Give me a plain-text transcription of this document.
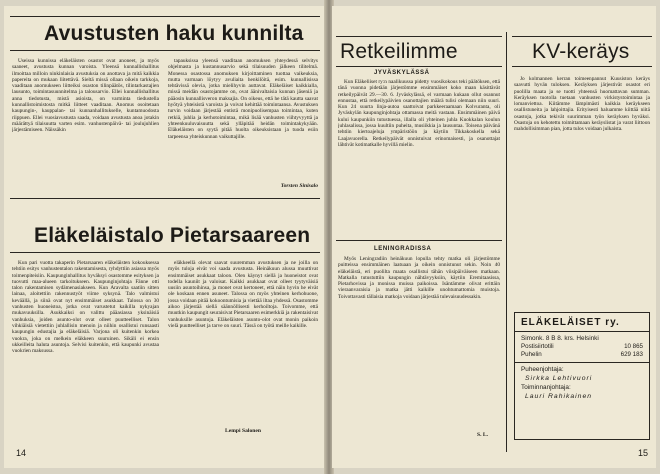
Avustusten haku kunnilta

Useissa kunnissa eläkeläisten osastot ovat anoneet, ja myös saaneet, avustusta kunnan varoista. Yleensä kunnallishallitus ilmoittaa milloin ninkinlaisia avustuksia on anottava ja mitä kaikkia papereita on mukaan liitettävä. Sieltä missä ollaan oikein tarkkoja, vaaditaan anomukseen liitteiksi osaston tilinpäätös, tilintarkastajien lausunto, toimintasuunnitelma ja talousarvio. Ellei kunnallishallitus anna tiedotusta, mistä asioista, on varminta tiedustella kunnallistoimistosta mitkä liitteet vaaditaan. Anomus osoitetaan kaupungin-, kauppalan- tai kunnanhallitukselle, kuntamuodosta riippuen. Ellei vuosiavustusta saada, voidaan avustusta anoa jotakin määrättyä tilaisuutta varten esim. vanhustenpäivä- tai joulujuhlien järjestämiseen. Näissäkin

tapauksissa yleensä vaaditaan anomuksen yhteydessä selvitys ohjelmasta ja kustannusarvio sekä tilaisuuden jälkeen tilitelmä. Monessa osastossa anomuksen kirjoittaminen tuottaa vaikeuksia, mutta varmaan löytyy avuliaita henkilöitä, esim. kunnallisissa tehtävissä olevia, jotka mielihyvin auttavat. Eläkeläiset kaikkialla, missä meidän osastojamme on, ovat äänivaltaisia kunnan jäseniä ja pääosin kunnallisveron maksajia. On oikeus, että he tätä kautta saavat hyötyä yhteisistä varoista ja voivat kehittää toimintaansa. Avustuksen turvin voidaan järjestää entistä monipuolisempaa toimintaa, kuten retkiä, juhlia ja kerhotoimintaa, mikä lisää vanhusten viihtyvyyttä ja yhteenkuuluvaisuutta sekä ylläpitää heidän toimintakykyään. Eläkeläisten on syytä pitää huolta oikeuksistaan ja tuoda esiin tarpeensa yhteiskunnan vaikuttajille.

Torsten Sinisalo
Eläkeläistalo Pietarsaareen

Kun pari vuotta takaperin Pietarsaaren eläkeläisten kokouksessa tehtiin esitys vanhustentalon rakentamisesta, ryhdyttiin asiassa myös toimenpiteisiin. Kaupunginhallitus hyväksyi osastomme esityksen ja tuovutti maa-alueen tarkoitukseen. Kaupunginjohtaja Fänne otti talon rakentamisen sydämenasiakseen. Kun Aravalta saatiin sitten lainaa, aloitettiin rakennustyöt viime syksynä. Talo valmistui keväällä, ja siinä ovat nyt ensimmäiset asukkaat. Talossa on 30 vanhusten huoneistoa, jotka ovat varustetut kaikilla nykyajan mukavuuksilla. Asukkaiksi on valittu pääasiassa yksinäisiä vanhuksia, joiden asunto-olot ovat olleet puutteelliset. Talon vihkiäisiä vietettiin juhlallisin menoin ja niihin osallistui runsaasti kaupungin edustajia ja eläkeläisiä. Varjona oli kuitenkin korkea vuokra, joka on melkein eläkkeen suuruinen. Sikäli ei ensin ukkeilleita haluta asuntoja. Selvisi kuitenkin, että kaupunki avustaa vuokrien maksussa.

eläkkeellä olevat saavat suuremman avustuksen ja ne joilla on myös tuloja eivät voi saada avustusta. Heinäkuun alussa muuttivat ensimmäiset asukkaat taloon. Olen käynyt siellä ja huoneistot ovat todella kauniit ja valoisat. Kaikki asukkaat ovat olleet tyytyväisiä uusiin asuntoihinsa, ja monet ovat kertoneet, että näin hyvin he eivät ole koskaan ennen asuneet. Talossa on myös yhteinen kerhohuone, jossa voidaan pitää kokoontumisia ja viettää iltaa yhdessä. Osastomme aikoo järjestää siellä säännöllisesti kerhoiltoja. Toivomme, että muutkin kaupungit seuraisivat Pietarsaaren esimerkkiä ja rakentaisivat vanhuksille asuntoja. Eläkeläisten asunto-olot ovat monin paikoin vielä puutteelliset ja tarve on suuri. Tässä on työtä meille kaikille.

Lempi Salonen
14
Retkeilimme	KV-keräys
JYVÄSKYLÄSSÄ

Kun Eläkeliiset ry:n naalikuussa pidetty vuosikokous teki päätöksen, että tänä vuonna pidetään järjestömme ensimmäiset koko maan käsittävät retkeilypäivät 29.—30. 6. Jyväskylässä, el varmaan kukaan ollut osannut ennustaa, että retkeilypäivien osanottajien määrä tulisi olemaan niin suuri. Kun 24 suurta linja-autoa saattoivat parkkeeraamaan Kolvuranta, oli Jyväskylän kaupunginjohtaja ottamassa meitä vastaan. Ensimmäinen päivä kului kaupunkiin tutustuessa, illalla oli yhteinen juhla Kuokkalan koulun juhlasalissa, jossa kuultiin puheita, musiikkia ja lausuntaa. Toisena päivänä tehtiin kiertoajeluja ympäristöön ja käytiin Tikkakoskella sekä Laajavuorella. Retkeilypäivät onnistuivat erinomaisesti, ja osanottajat lähtivät kotimatkalle hyvillä mielin.

LENINGRADISSA

Myös Leningradiin heinäkuun lopulla tehty matka oli järjestömme puitteissa ensimmäinen laatuaan ja oikein onnistunut sekin. Noin 40 eläkeläistä, eri puolilta maata osallistui tähän viisipäiväiseen matkaan. Matkalla tutustuttiin kaupungin nähtävyyksiin, käytiin Eremitaasissa, Pietarhovissa ja monissa muissa paikoissa. Isäntämme olivat erittäin vieraanvaraisia ja matka jätti kaikille unohtumattomia muistoja. Toivottavasti tällaisia matkoja voidaan järjestää tulevaisuudessakin.

S. L.

Jo kolmannen kerran toimeenpannut Kuusiston keräys saavutti hyvän tuloksen. Keräyksen järjestivät osastot eri puolilla maata ja se tuotti yhteensä huomattavan summan. Keräyksen tuotolla tuetaan vanhusten virkistystoimintaa ja lomanviettoa. Kiitämme lämpimästi kaikkia keräykseen osallistuneita ja lahjoittajia. Erityisesti haluamme kiittää niitä osastoja, jotka tekivät suurimman työn keräyksen hyväksi. Osastoja on kehotettu toimittamaan keräyslistat ja varat liittoon mahdollisimman pian, jotta tulos voidaan julkaista.

ELÄKELÄISET ry.
Simonk. 8 B 8. krs. Helsinki
Postisiirtotili	10 865
Puhelin	629 183
Puheenjohtaja:
Sirkka Lehtivuori
Toiminnanjohtaja:
Lauri Rahikainen
15
